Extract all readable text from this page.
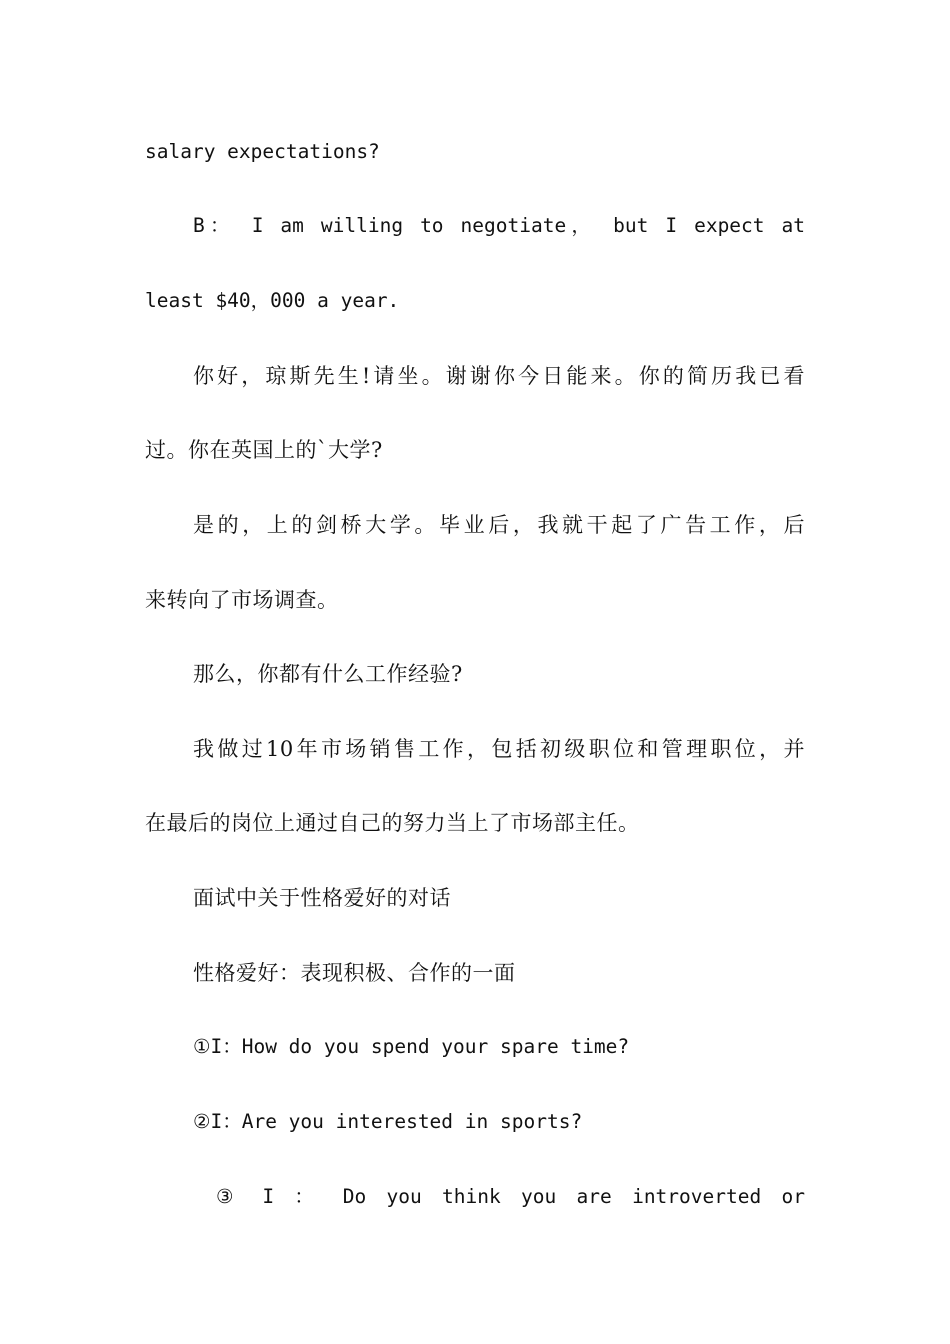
salary expectations?
B： I am willing to negotiate， but I expect at
least $40，000 a year.
你好，琼斯先生!请坐。谢谢你今日能来。你的简历我已看
过。你在英国上的`大学?
是的，上的剑桥大学。毕业后，我就干起了广告工作，后
来转向了市场调查。
那么，你都有什么工作经验?
我做过10年市场销售工作，包括初级职位和管理职位，并
在最后的岗位上通过自己的努力当上了市场部主任。
面试中关于性格爱好的对话
性格爱好：表现积极、合作的一面
①I：How do you spend your spare time?
②I：Are you interested in sports?
③ I ： Do you think you are introverted or
